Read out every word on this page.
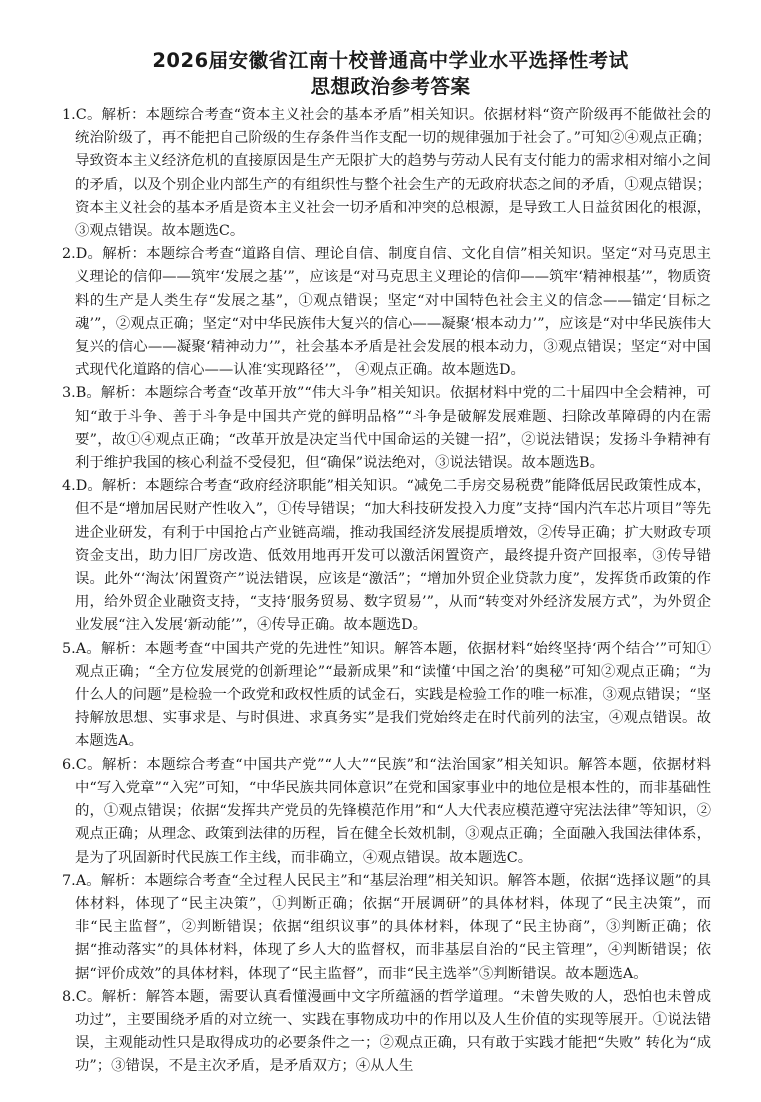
2026届安徽省江南十校普通高中学业水平选择性考试
思想政治参考答案

1.C。解析：本题综合考查“资本主义社会的基本矛盾”相关知识。依据材料“资产阶级再不能做社会的统治阶级了，再不能把自己阶级的生存条件当作支配一切的规律强加于社会了。”可知②④观点正确；导致资本主义经济危机的直接原因是生产无限扩大的趋势与劳动人民有支付能力的需求相对缩小之间的矛盾，以及个别企业内部生产的有组织性与整个社会生产的无政府状态之间的矛盾，①观点错误；资本主义社会的基本矛盾是资本主义社会一切矛盾和冲突的总根源，是导致工人日益贫困化的根源，③观点错误。故本题选C。

2.D。解析：本题综合考查“道路自信、理论自信、制度自信、文化自信”相关知识。坚定“对马克思主义理论的信仰——筑牢‘发展之基’”，应该是“对马克思主义理论的信仰——筑牢‘精神根基’”，物质资料的生产是人类生存“发展之基”，①观点错误；坚定“对中国特色社会主义的信念——锚定‘目标之魂’”，②观点正确；坚定“对中华民族伟大复兴的信心——凝聚‘根本动力’”，应该是“对中华民族伟大复兴的信心——凝聚‘精神动力’”，社会基本矛盾是社会发展的根本动力，③观点错误；坚定“对中国式现代化道路的信心——认准‘实现路径’”， ④观点正确。故本题选D。

3.B。解析：本题综合考查“改革开放”“伟大斗争”相关知识。依据材料中党的二十届四中全会精神，可知“敢于斗争、善于斗争是中国共产党的鲜明品格”“斗争是破解发展难题、扫除改革障碍的内在需要”，故①④观点正确；“改革开放是决定当代中国命运的关键一招”，②说法错误；发扬斗争精神有利于维护我国的核心利益不受侵犯，但“确保”说法绝对，③说法错误。故本题选B。

4.D。解析：本题综合考查“政府经济职能”相关知识。“减免二手房交易税费”能降低居民政策性成本，但不是“增加居民财产性收入”，①传导错误；“加大科技研发投入力度”支持“国内汽车芯片项目”等先进企业研发，有利于中国抢占产业链高端，推动我国经济发展提质增效，②传导正确；扩大财政专项资金支出，助力旧厂房改造、低效用地再开发可以激活闲置资产，最终提升资产回报率，③传导错误。此外“‘淘汰’闲置资产”说法错误，应该是“激活”；“增加外贸企业贷款力度”，发挥货币政策的作用，给外贸企业融资支持，“支持‘服务贸易、数字贸易’”，从而“转变对外经济发展方式”，为外贸企业发展“注入发展‘新动能’”，④传导正确。故本题选D。

5.A。解析：本题考查“中国共产党的先进性”知识。解答本题，依据材料“始终坚持‘两个结合’”可知①观点正确；“全方位发展党的创新理论”“最新成果”和“读懂‘中国之治’的奥秘”可知②观点正确；“为什么人的问题”是检验一个政党和政权性质的试金石，实践是检验工作的唯一标准，③观点错误；“坚持解放思想、实事求是、与时俱进、求真务实”是我们党始终走在时代前列的法宝，④观点错误。故本题选A。

6.C。解析：本题综合考查“中国共产党”“人大”“民族”和“法治国家”相关知识。解答本题，依据材料中“写入党章”“入宪”可知，“中华民族共同体意识”在党和国家事业中的地位是根本性的，而非基础性的，①观点错误；依据“发挥共产党员的先锋模范作用”和“人大代表应模范遵守宪法法律”等知识，②观点正确；从理念、政策到法律的历程，旨在健全长效机制，③观点正确；全面融入我国法律体系，是为了巩固新时代民族工作主线，而非确立，④观点错误。故本题选C。

7.A。解析：本题综合考查“全过程人民民主”和“基层治理”相关知识。解答本题，依据“选择议题”的具体材料，体现了“民主决策”，①判断正确；依据“开展调研”的具体材料，体现了“民主决策”，而非“民主监督”，②判断错误；依据“组织议事”的具体材料，体现了“民主协商”，③判断正确；依据“推动落实”的具体材料，体现了乡人大的监督权，而非基层自治的“民主管理”，④判断错误；依据“评价成效”的具体材料，体现了“民主监督”，而非“民主选举”⑤判断错误。故本题选A。

8.C。解析：解答本题，需要认真看懂漫画中文字所蕴涵的哲学道理。“未曾失败的人，恐怕也未曾成功过”，主要围绕矛盾的对立统一、实践在事物成功中的作用以及人生价值的实现等展开。①说法错误，主观能动性只是取得成功的必要条件之一；②观点正确，只有敢于实践才能把“失败” 转化为“成功”；③错误，不是主次矛盾，是矛盾双方；④从人生
